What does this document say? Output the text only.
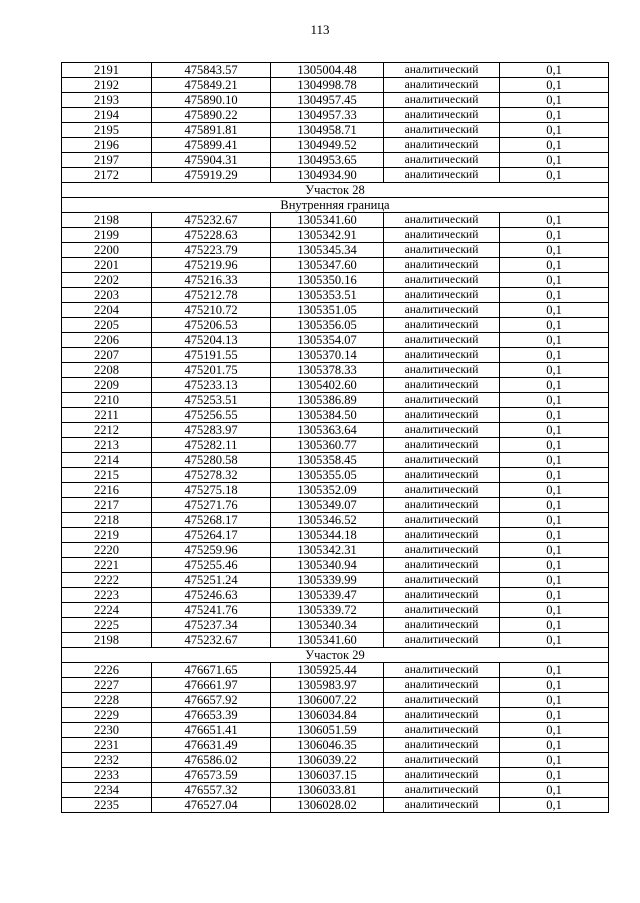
113
2191	475843.57	1305004.48	аналитический	0,1
2192	475849.21	1304998.78	аналитический	0,1
2193	475890.10	1304957.45	аналитический	0,1
2194	475890.22	1304957.33	аналитический	0,1
2195	475891.81	1304958.71	аналитический	0,1
2196	475899.41	1304949.52	аналитический	0,1
2197	475904.31	1304953.65	аналитический	0,1
2172	475919.29	1304934.90	аналитический	0,1
Участок 28				
Внутренняя граница				
2198	475232.67	1305341.60	аналитический	0,1
2199	475228.63	1305342.91	аналитический	0,1
2200	475223.79	1305345.34	аналитический	0,1
2201	475219.96	1305347.60	аналитический	0,1
2202	475216.33	1305350.16	аналитический	0,1
2203	475212.78	1305353.51	аналитический	0,1
2204	475210.72	1305351.05	аналитический	0,1
2205	475206.53	1305356.05	аналитический	0,1
2206	475204.13	1305354.07	аналитический	0,1
2207	475191.55	1305370.14	аналитический	0,1
2208	475201.75	1305378.33	аналитический	0,1
2209	475233.13	1305402.60	аналитический	0,1
2210	475253.51	1305386.89	аналитический	0,1
2211	475256.55	1305384.50	аналитический	0,1
2212	475283.97	1305363.64	аналитический	0,1
2213	475282.11	1305360.77	аналитический	0,1
2214	475280.58	1305358.45	аналитический	0,1
2215	475278.32	1305355.05	аналитический	0,1
2216	475275.18	1305352.09	аналитический	0,1
2217	475271.76	1305349.07	аналитический	0,1
2218	475268.17	1305346.52	аналитический	0,1
2219	475264.17	1305344.18	аналитический	0,1
2220	475259.96	1305342.31	аналитический	0,1
2221	475255.46	1305340.94	аналитический	0,1
2222	475251.24	1305339.99	аналитический	0,1
2223	475246.63	1305339.47	аналитический	0,1
2224	475241.76	1305339.72	аналитический	0,1
2225	475237.34	1305340.34	аналитический	0,1
2198	475232.67	1305341.60	аналитический	0,1
Участок 29				
2226	476671.65	1305925.44	аналитический	0,1
2227	476661.97	1305983.97	аналитический	0,1
2228	476657.92	1306007.22	аналитический	0,1
2229	476653.39	1306034.84	аналитический	0,1
2230	476651.41	1306051.59	аналитический	0,1
2231	476631.49	1306046.35	аналитический	0,1
2232	476586.02	1306039.22	аналитический	0,1
2233	476573.59	1306037.15	аналитический	0,1
2234	476557.32	1306033.81	аналитический	0,1
2235	476527.04	1306028.02	аналитический	0,1
